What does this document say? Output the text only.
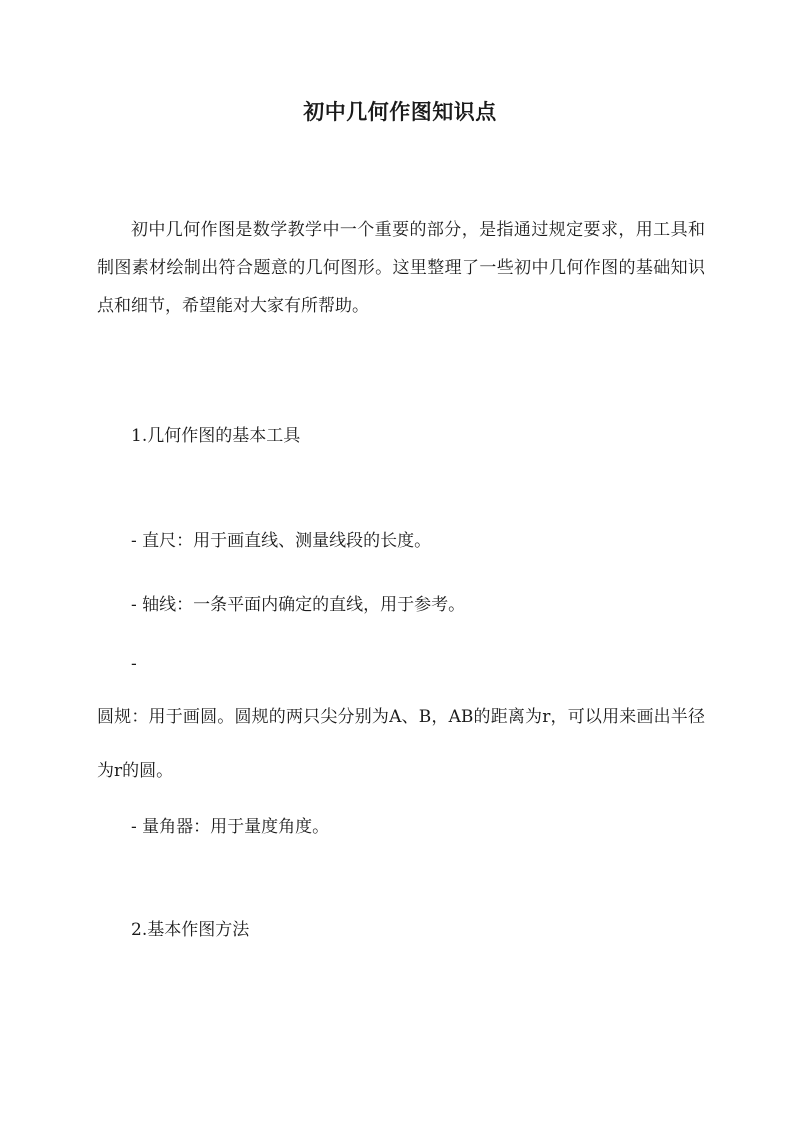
初中几何作图知识点

初中几何作图是数学教学中一个重要的部分，是指通过规定要求，用工具和制图素材绘制出符合题意的几何图形。这里整理了一些初中几何作图的基础知识点和细节，希望能对大家有所帮助。

1.几何作图的基本工具

- 直尺：用于画直线、测量线段的长度。

- 轴线：一条平面内确定的直线，用于参考。

-

圆规：用于画圆。圆规的两只尖分别为A、B，AB的距离为r，可以用来画出半径为r的圆。

- 量角器：用于量度角度。

2.基本作图方法
